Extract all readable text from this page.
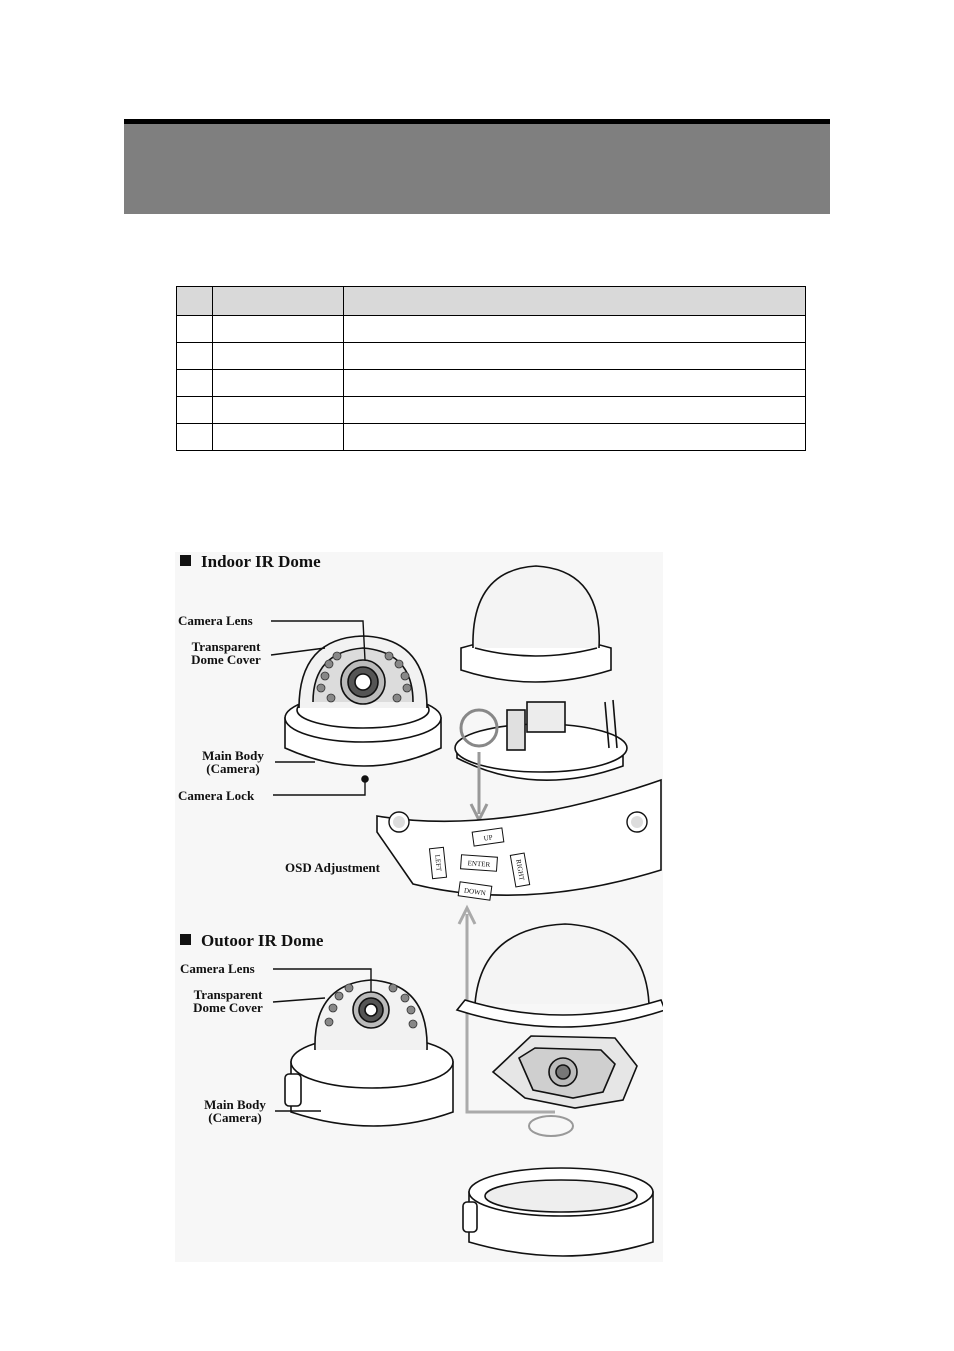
Indoor IR Dome
Outoor IR Dome
Camera Lens
Transparent
Dome Cover
Main Body
(Camera)
Camera Lock
OSD Adjustment
UP
LEFT	ENTER	RIGHT
DOWN
Camera Lens
Transparent
Dome Cover
Main Body
(Camera)
